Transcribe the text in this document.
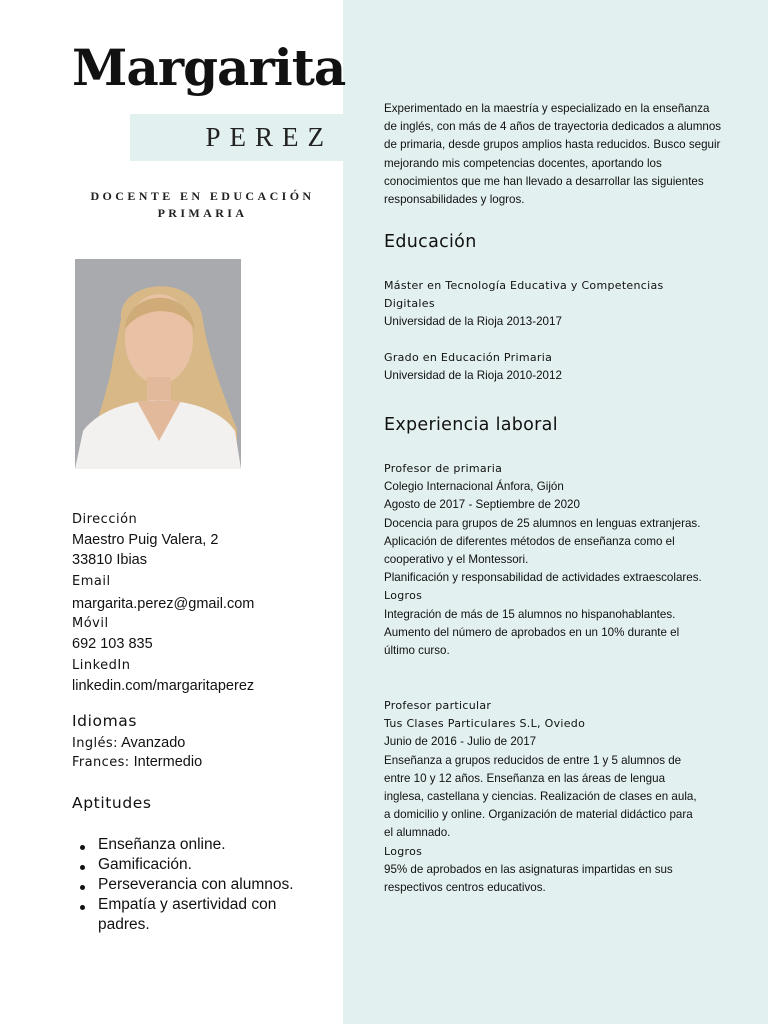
Margarita
PEREZ
DOCENTE EN EDUCACIÓN PRIMARIA
Dirección
Maestro Puig Valera, 2
33810 Ibias
Email
margarita.perez@gmail.com
Móvil
692 103 835
LinkedIn
linkedin.com/margaritaperez
Idiomas
Inglés: Avanzado
Frances: Intermedio
Aptitudes
Enseñanza online.
Gamificación.
Perseverancia con alumnos.
Empatía y asertividad con padres.
Experimentado en la maestría y especializado en la enseñanza de inglés, con más de 4 años de trayectoria dedicados a alumnos de primaria, desde grupos amplios hasta reducidos. Busco seguir mejorando mis competencias docentes, aportando los conocimientos que me han llevado a desarrollar las siguientes responsabilidades y logros.
Educación
Máster en Tecnología Educativa y Competencias Digitales
Universidad de la Rioja 2013-2017
Grado en Educación Primaria
Universidad de la Rioja 2010-2012
Experiencia laboral
Profesor de primaria
Colegio Internacional Ánfora, Gijón
Agosto de 2017 - Septiembre de 2020
Docencia para grupos de 25 alumnos en lenguas extranjeras.
Aplicación de diferentes métodos de enseñanza como el cooperativo y el Montessori.
Planificación y responsabilidad de actividades extraescolares.
Logros
Integración de más de 15 alumnos no hispanohablantes. Aumento del número de aprobados en un 10% durante el último curso.
Profesor particular
Tus Clases Particulares S.L, Oviedo
Junio de 2016 - Julio de 2017
Enseñanza a grupos reducidos de entre 1 y 5 alumnos de entre 10 y 12 años. Enseñanza en las áreas de lengua inglesa, castellana y ciencias. Realización de clases en aula, a domicilio y online. Organización de material didáctico para el alumnado.
Logros
95% de aprobados en las asignaturas impartidas en sus respectivos centros educativos.
